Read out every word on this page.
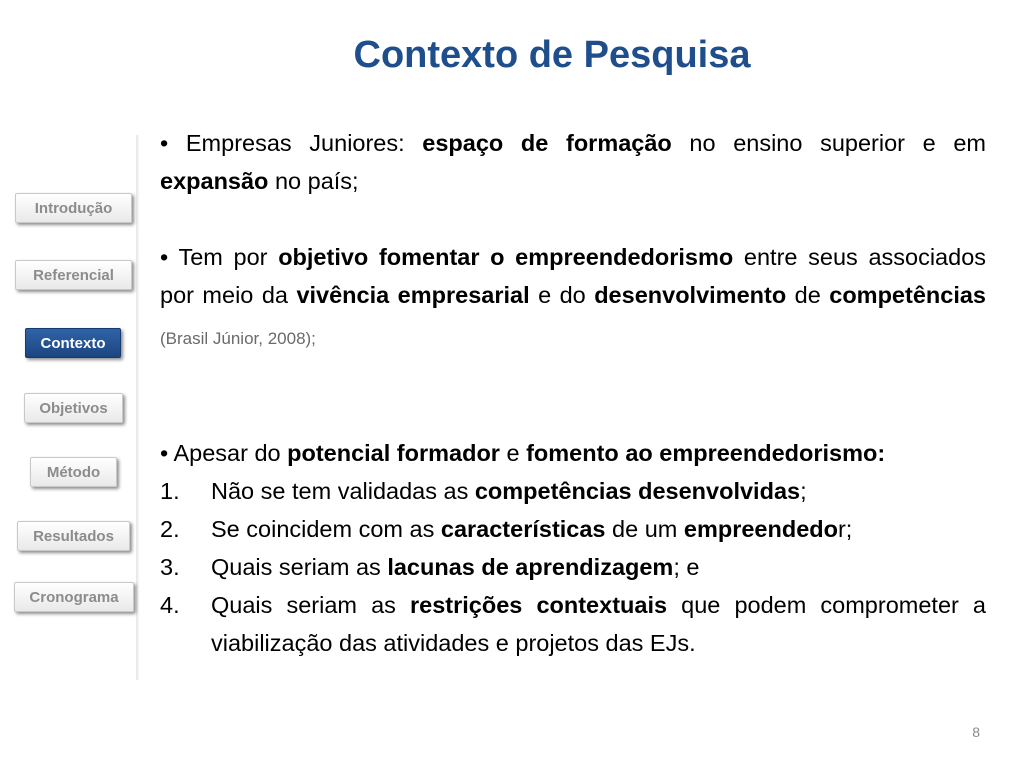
Contexto de Pesquisa
Introdução
Referencial
Contexto
Objetivos
Método
Resultados
Cronograma
• Empresas Juniores: espaço de formação no ensino superior e em expansão no país;
• Tem por objetivo fomentar o empreendedorismo entre seus associados por meio da vivência empresarial e do desenvolvimento de competências (Brasil Júnior, 2008);
• Apesar do potencial formador e fomento ao empreendedorismo:
1. Não se tem validadas as competências desenvolvidas;
2. Se coincidem com as características de um empreendedor;
3. Quais seriam as lacunas de aprendizagem; e
4. Quais seriam as restrições contextuais que podem comprometer a viabilização das atividades e projetos das EJs.
8
